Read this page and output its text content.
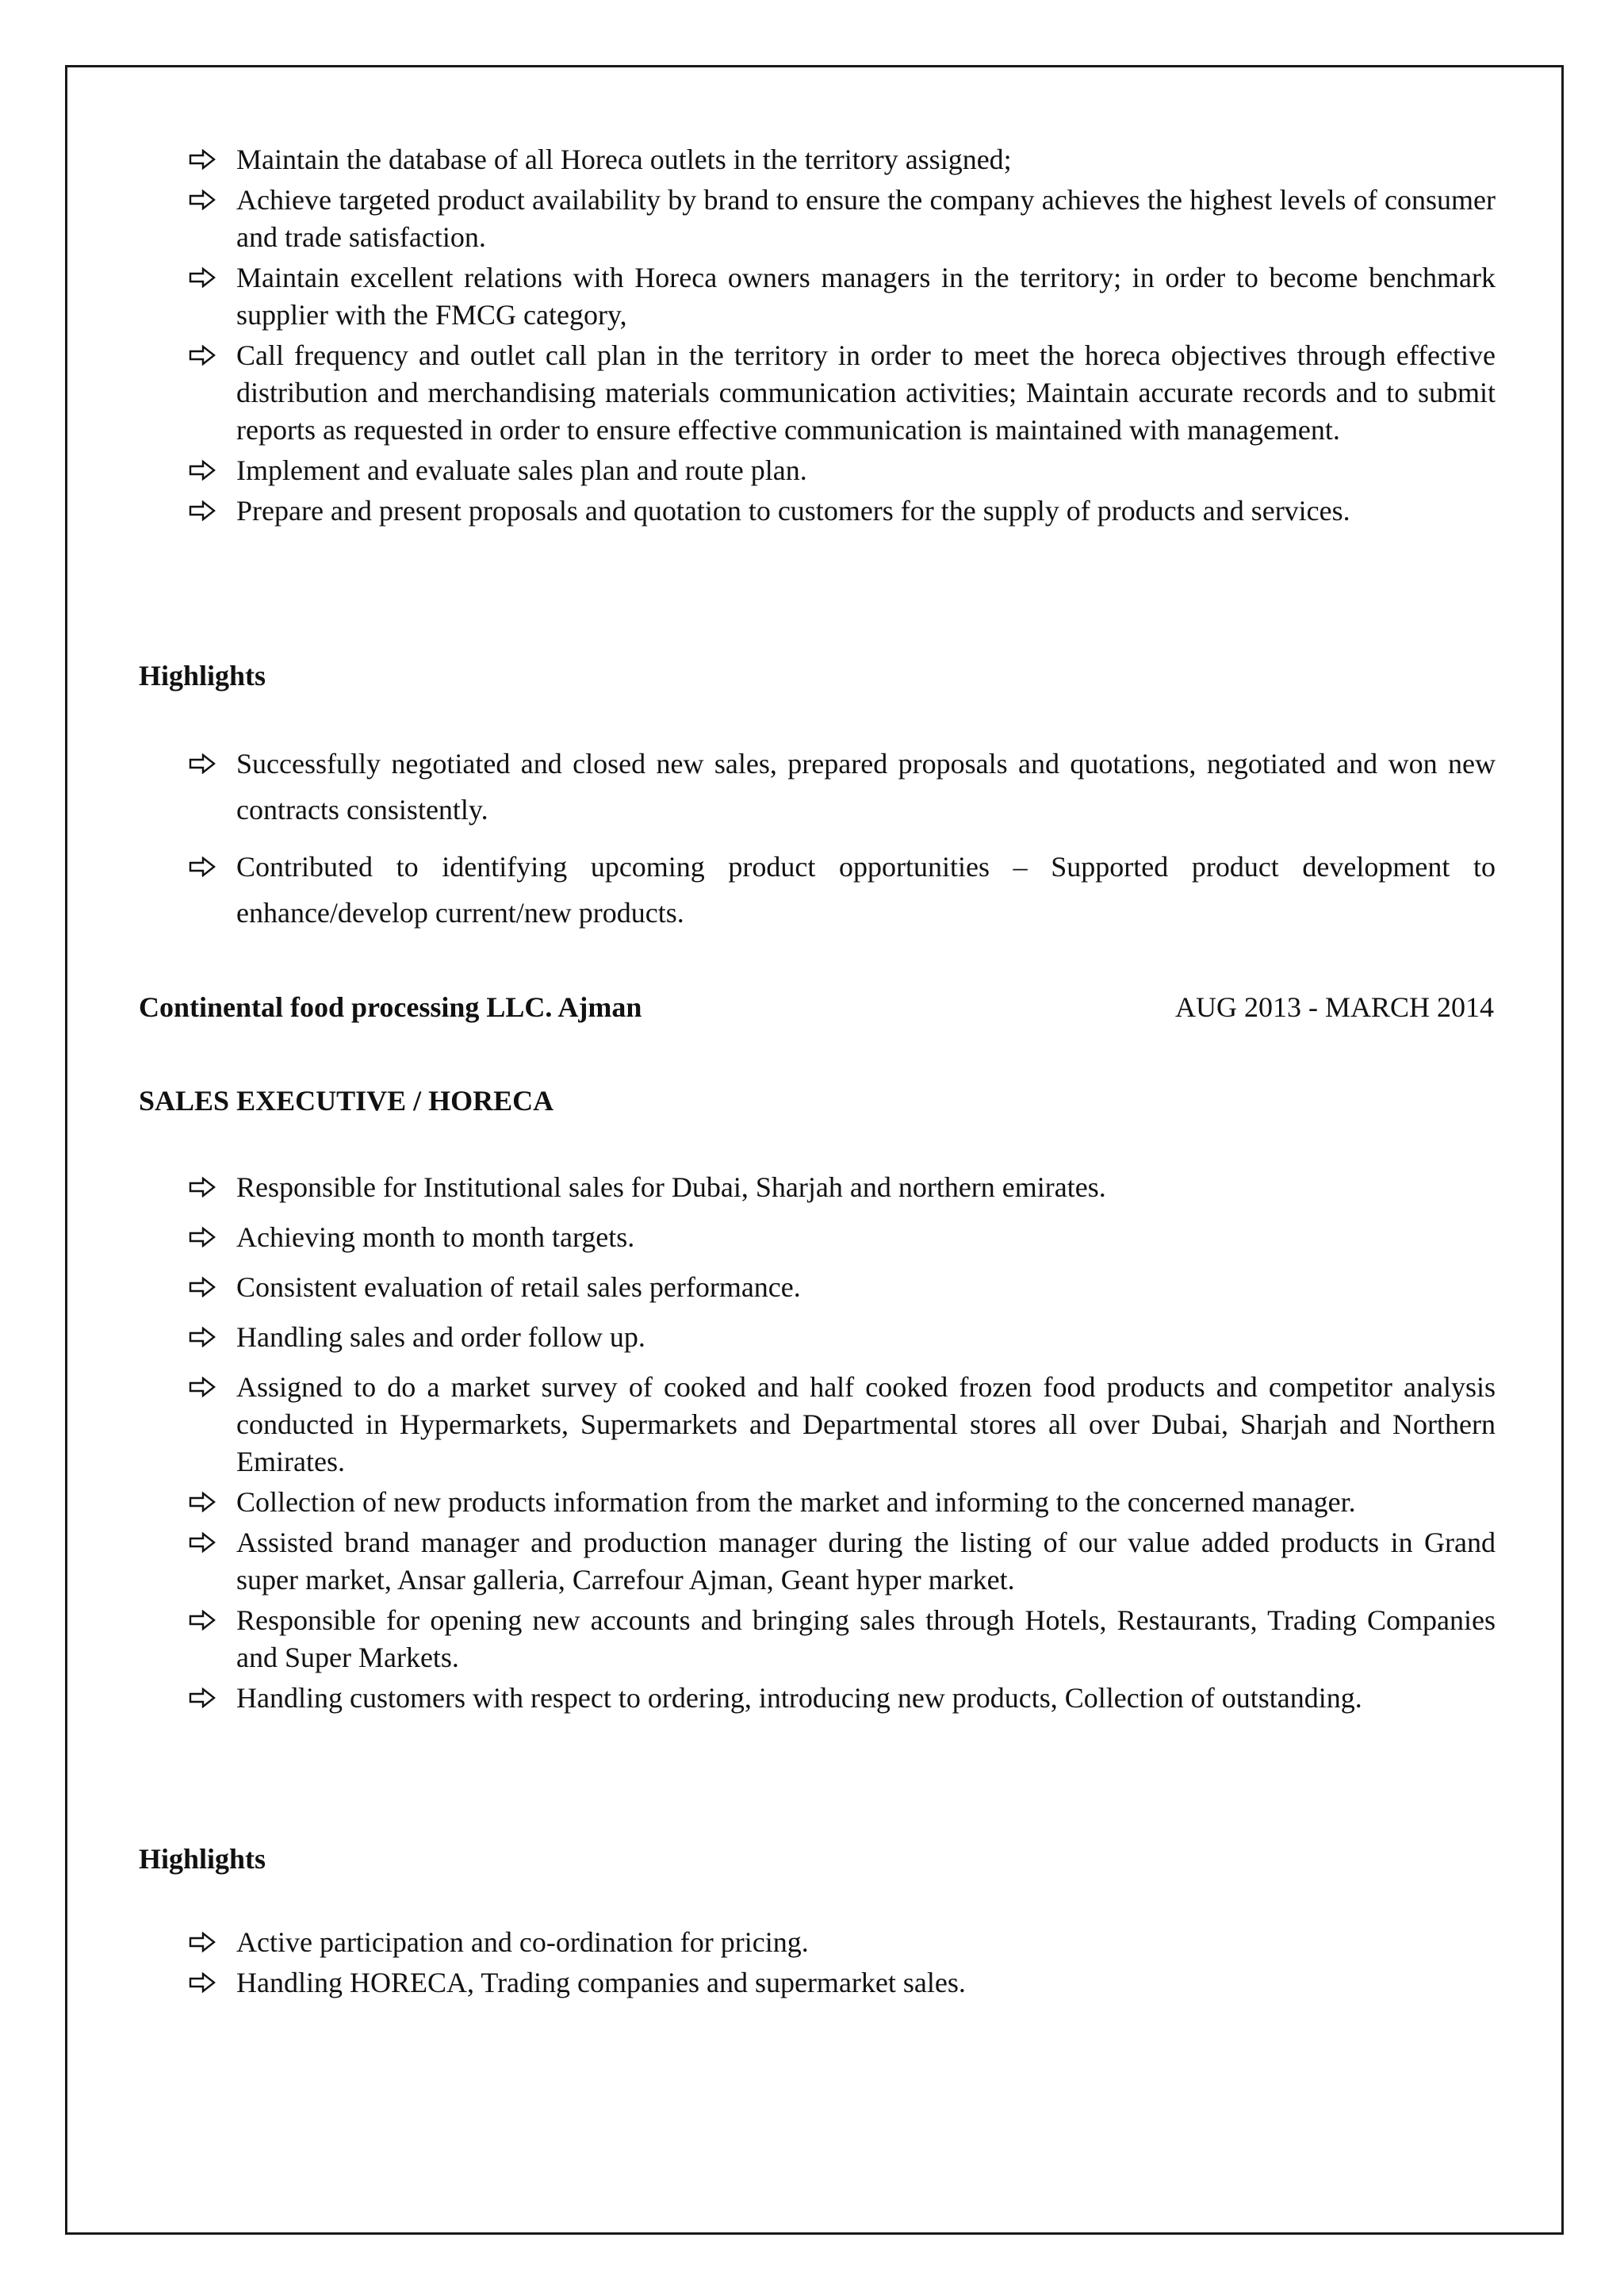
Maintain the database of all Horeca outlets in the territory assigned;
Achieve targeted product availability by brand to ensure the company achieves the highest levels of consumer and trade satisfaction.
Maintain excellent relations with Horeca owners managers in the territory; in order to become benchmark supplier with the FMCG category,
Call frequency and outlet call plan in the territory in order to meet the horeca objectives through effective distribution and merchandising materials communication activities; Maintain accurate records and to submit reports as requested in order to ensure effective communication is maintained with management.
Implement and evaluate sales plan and route plan.
Prepare and present proposals and quotation to customers for the supply of products and services.
Highlights
Successfully negotiated and closed new sales, prepared proposals and quotations, negotiated and won new contracts consistently.
Contributed to identifying upcoming product opportunities – Supported product development to enhance/develop current/new products.
Continental food processing LLC. Ajman	AUG 2013 - MARCH 2014
SALES EXECUTIVE / HORECA
Responsible for Institutional sales for Dubai, Sharjah and northern emirates.
Achieving month to month targets.
Consistent evaluation of retail sales performance.
Handling sales and order follow up.
Assigned to do a market survey of cooked and half cooked frozen food products and competitor analysis conducted in Hypermarkets, Supermarkets and Departmental stores all over Dubai, Sharjah and Northern Emirates.
Collection of new products information from the market and informing to the concerned manager.
Assisted brand manager and production manager during the listing of our value added products in Grand super market, Ansar galleria, Carrefour Ajman, Geant hyper market.
Responsible for opening new accounts and bringing sales through Hotels, Restaurants, Trading Companies and Super Markets.
Handling customers with respect to ordering, introducing new products, Collection of outstanding.
Highlights
Active participation and co-ordination for pricing.
Handling HORECA, Trading companies and supermarket sales.
